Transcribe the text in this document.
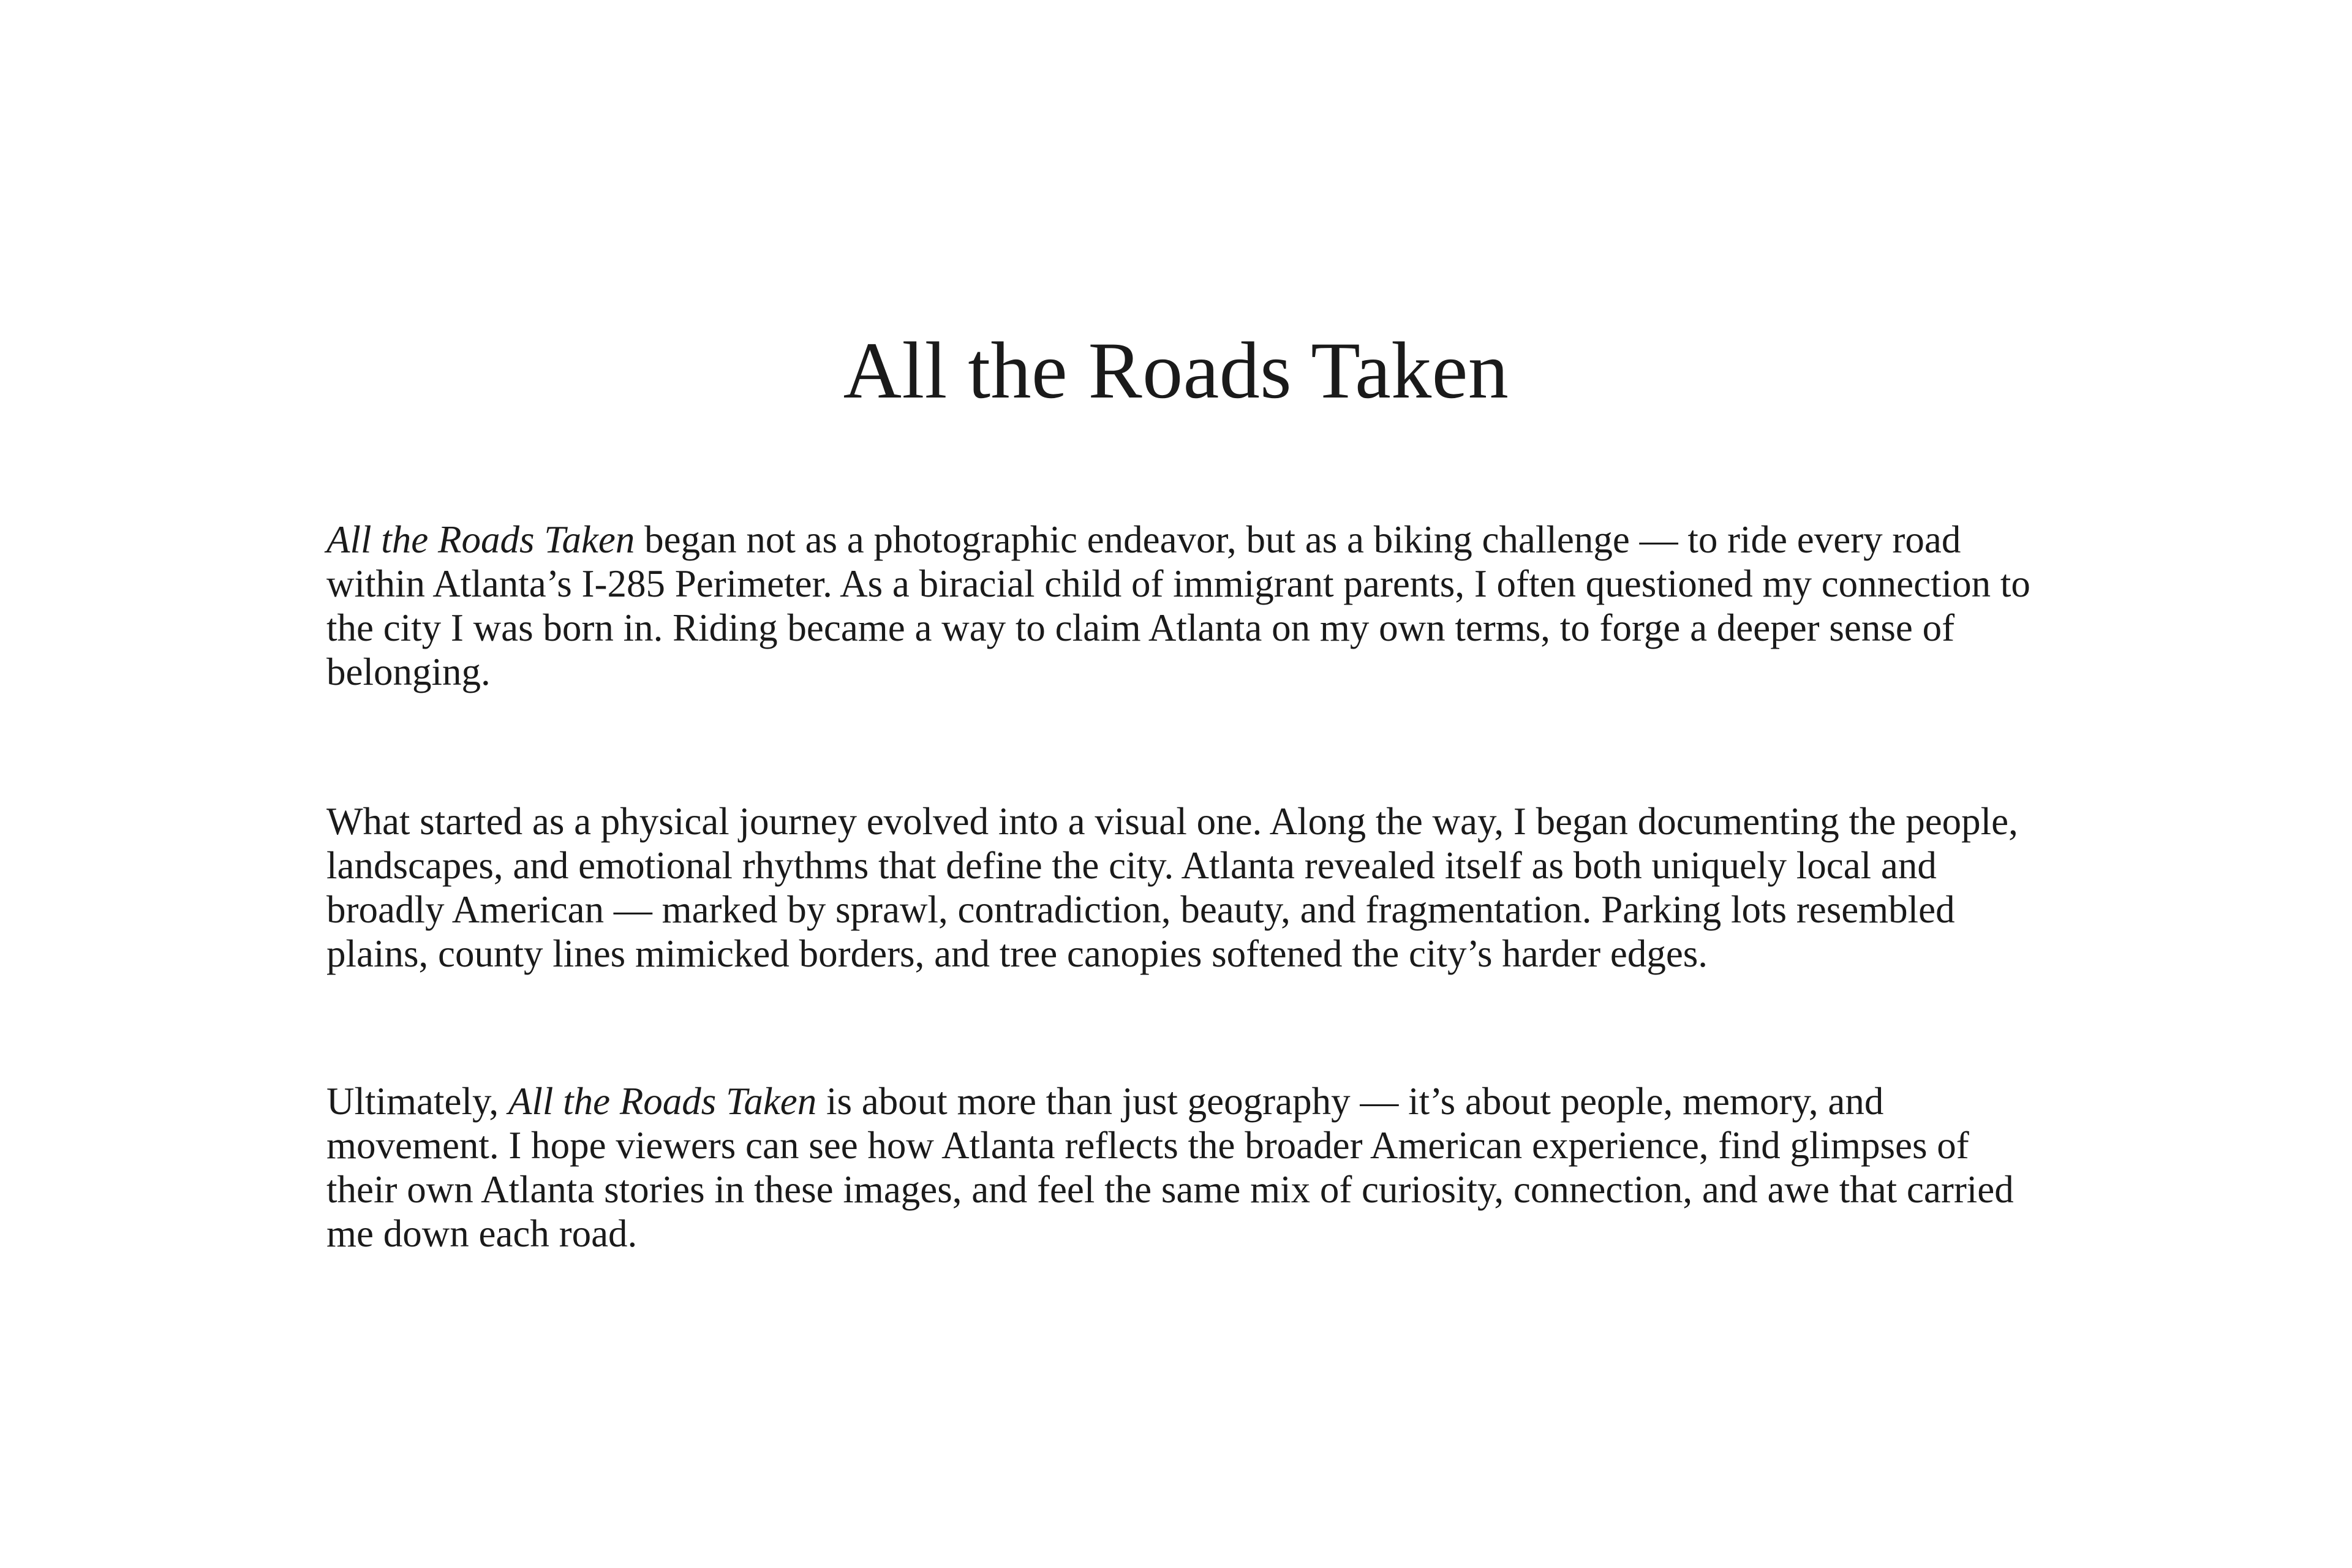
All the Roads Taken

All the Roads Taken began not as a photographic endeavor, but as a biking challenge — to ride every road within Atlanta’s I-285 Perimeter. As a biracial child of immigrant parents, I often questioned my connection to the city I was born in. Riding became a way to claim Atlanta on my own terms, to forge a deeper sense of belonging.

What started as a physical journey evolved into a visual one. Along the way, I began documenting the people, landscapes, and emotional rhythms that define the city. Atlanta revealed itself as both uniquely local and broadly American — marked by sprawl, contradiction, beauty, and fragmentation. Parking lots resembled plains, county lines mimicked borders, and tree canopies softened the city’s harder edges.

Ultimately, All the Roads Taken is about more than just geography — it’s about people, memory, and movement. I hope viewers can see how Atlanta reflects the broader American experience, find glimpses of their own Atlanta stories in these images, and feel the same mix of curiosity, connection, and awe that carried me down each road.
